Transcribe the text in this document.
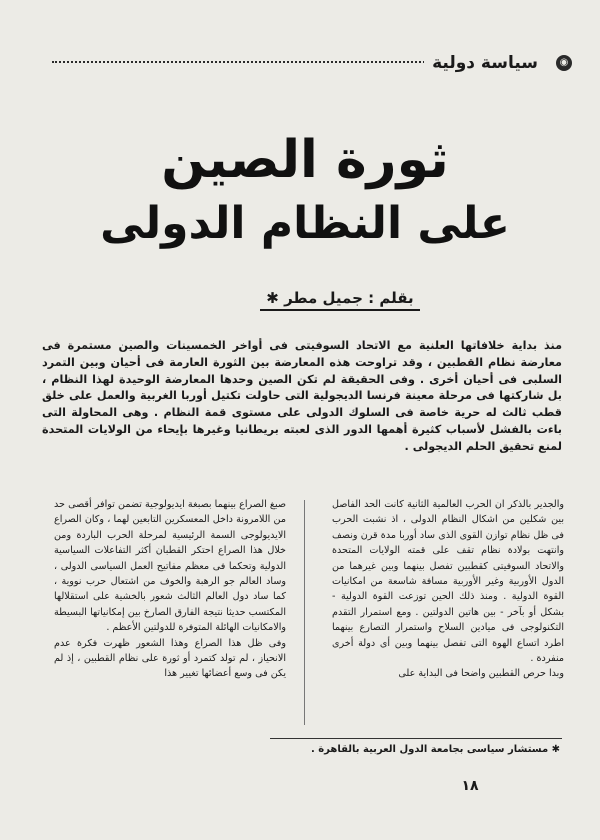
سياسة دولية	◉
ثورة الصين
على النظام الدولى
بقلم : جميل مطر ✱

منذ بداية خلافاتها العلنية مع الاتحاد السوفيتى فى أواخر الخمسينات والصين مستمرة فى معارضة نظام القطبين ، وقد تراوحت هذه المعارضة بين الثورة العارمة فى أحيان وبين التمرد السلبى فى أحيان أخرى . وفى الحقيقة لم تكن الصين وحدها المعارضة الوحيدة لهذا النظام ، بل شاركتها فى مرحلة معينة فرنسا الديجولية التى حاولت تكتيل أوربا الغربية والعمل على خلق قطب ثالث له حرية خاصة فى السلوك الدولى على مستوى قمة النظام . وهى المحاولة التى باءت بالفشل لأسباب كثيرة أهمها الدور الذى لعبته بريطانيا وغيرها بإيحاء من الولايات المتحدة لمنع تحقيق الحلم الديجولى .

والجدير بالذكر ان الحرب العالمية الثانية كانت الحد الفاصل بين شكلين من اشكال النظام الدولى ، اذ نشبت الحرب فى ظل نظام توازن القوى الذى ساد أوربا مدة قرن ونصف وانتهت بولادة نظام تقف على قمته الولايات المتحدة والاتحاد السوفيتى كقطبين تفصل بينهما وبين غيرهما من الدول الأوربية وغير الأوربية مسافة شاسعة من امكانيات القوة الدولية . ومنذ ذلك الحين توزعت القوة الدولية - بشكل أو بآخر - بين هاتين الدولتين . ومع استمرار التقدم التكنولوجى فى ميادين السلاح واستمرار التصارع بينهما اطرد اتساع الهوة التى تفصل بينهما وبين أى دولة أخرى منفردة .
وبدا حرص القطبين واضحا فى البداية على
صبغ الصراع بينهما بصبغة ايديولوجية تضمن توافر أقصى حد من اللامرونة داخل المعسكرين التابعين لهما ، وكان الصراع الايديولوجى السمة الرئيسية لمرحلة الحرب الباردة ومن خلال هذا الصراع احتكر القطبان أكثر التفاعلات السياسية الدولية وتحكما فى معظم مفاتيح العمل السياسى الدولى ، وساد العالم جو الرهبة والخوف من اشتعال حرب نووية ، كما ساد دول العالم الثالث شعور بالخشية على استقلالها المكتسب حديثا نتيجة الفارق الصارخ بين إمكانياتها البسيطة والامكانيات الهائلة المتوفرة للدولتين الأعظم .
وفى ظل هذا الصراع وهذا الشعور ظهرت فكرة عدم الانحياز ، لم تولد كتمرد أو ثورة على نظام القطبين ، إذ لم يكن فى وسع أعضائها تغيير هذا
✱ مستشار سياسى بجامعة الدول العربية بالقاهرة .
١٨
